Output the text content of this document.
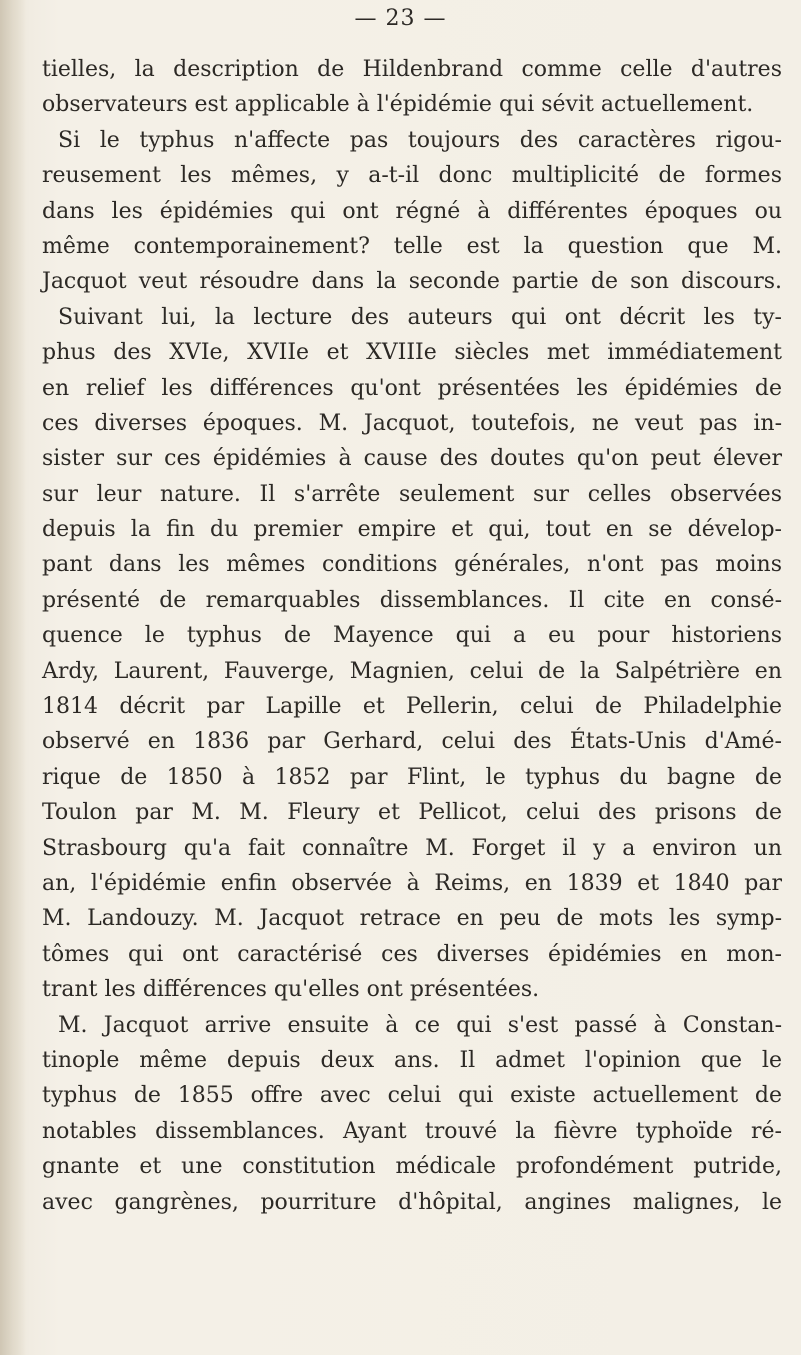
— 23 —
tielles, la description de Hildenbrand comme celle d'autres
observateurs est applicable à l'épidémie qui sévit actuellement.
Si le typhus n'affecte pas toujours des caractères rigou-
reusement les mêmes, y a-t-il donc multiplicité de formes
dans les épidémies qui ont régné à différentes époques ou
même contemporainement? telle est la question que M.
Jacquot veut résoudre dans la seconde partie de son discours.
Suivant lui, la lecture des auteurs qui ont décrit les ty-
phus des XVIe, XVIIe et XVIIIe siècles met immédiatement
en relief les différences qu'ont présentées les épidémies de
ces diverses époques. M. Jacquot, toutefois, ne veut pas in-
sister sur ces épidémies à cause des doutes qu'on peut élever
sur leur nature. Il s'arrête seulement sur celles observées
depuis la fin du premier empire et qui, tout en se dévelop-
pant dans les mêmes conditions générales, n'ont pas moins
présenté de remarquables dissemblances. Il cite en consé-
quence le typhus de Mayence qui a eu pour historiens
Ardy, Laurent, Fauverge, Magnien, celui de la Salpétrière en
1814 décrit par Lapille et Pellerin, celui de Philadelphie
observé en 1836 par Gerhard, celui des États-Unis d'Amé-
rique de 1850 à 1852 par Flint, le typhus du bagne de
Toulon par M. M. Fleury et Pellicot, celui des prisons de
Strasbourg qu'a fait connaître M. Forget il y a environ un
an, l'épidémie enfin observée à Reims, en 1839 et 1840 par
M. Landouzy. M. Jacquot retrace en peu de mots les symp-
tômes qui ont caractérisé ces diverses épidémies en mon-
trant les différences qu'elles ont présentées.
M. Jacquot arrive ensuite à ce qui s'est passé à Constan-
tinople même depuis deux ans. Il admet l'opinion que le
typhus de 1855 offre avec celui qui existe actuellement de
notables dissemblances. Ayant trouvé la fièvre typhoïde ré-
gnante et une constitution médicale profondément putride,
avec gangrènes, pourriture d'hôpital, angines malignes, le
